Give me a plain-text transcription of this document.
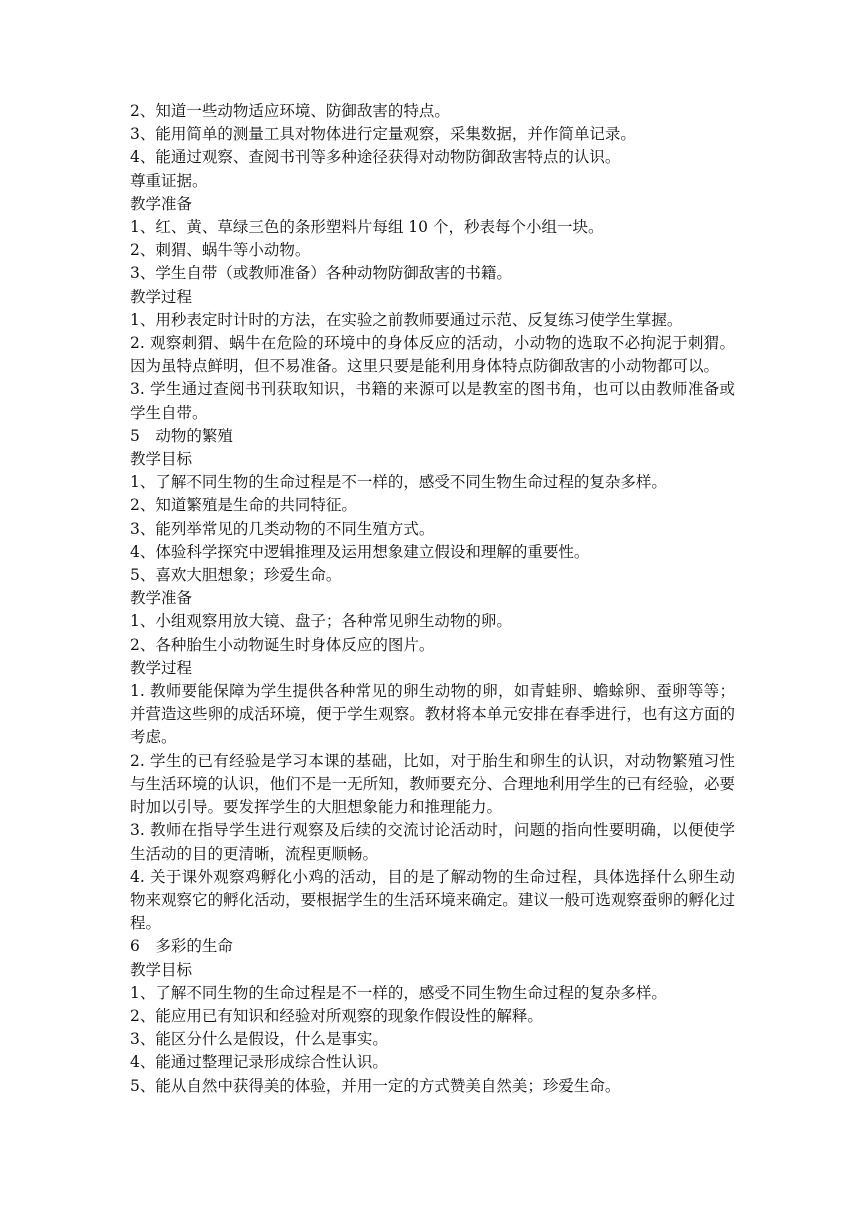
2、知道一些动物适应环境、防御敌害的特点。

3、能用简单的测量工具对物体进行定量观察，采集数据，并作简单记录。

4、能通过观察、查阅书刊等多种途径获得对动物防御敌害特点的认识。

尊重证据。

教学准备

1、红、黄、草绿三色的条形塑料片每组 10 个，秒表每个小组一块。

2、刺猬、蜗牛等小动物。

3、学生自带（或教师准备）各种动物防御敌害的书籍。

教学过程

1、用秒表定时计时的方法，在实验之前教师要通过示范、反复练习使学生掌握。

2. 观察刺猬、蜗牛在危险的环境中的身体反应的活动，小动物的选取不必拘泥于刺猬。因为虽特点鲜明，但不易准备。这里只要是能利用身体特点防御敌害的小动物都可以。

3. 学生通过查阅书刊获取知识，书籍的来源可以是教室的图书角，也可以由教师准备或学生自带。

5　动物的繁殖

教学目标

1、了解不同生物的生命过程是不一样的，感受不同生物生命过程的复杂多样。

2、知道繁殖是生命的共同特征。

3、能列举常见的几类动物的不同生殖方式。

4、体验科学探究中逻辑推理及运用想象建立假设和理解的重要性。

5、喜欢大胆想象；珍爱生命。

教学准备

1、小组观察用放大镜、盘子；各种常见卵生动物的卵。

2、各种胎生小动物诞生时身体反应的图片。

教学过程

1. 教师要能保障为学生提供各种常见的卵生动物的卵，如青蛙卵、蟾蜍卵、蚕卵等等；并营造这些卵的成活环境，便于学生观察。教材将本单元安排在春季进行，也有这方面的考虑。

2. 学生的已有经验是学习本课的基础，比如，对于胎生和卵生的认识，对动物繁殖习性与生活环境的认识，他们不是一无所知，教师要充分、合理地利用学生的已有经验，必要时加以引导。要发挥学生的大胆想象能力和推理能力。

3. 教师在指导学生进行观察及后续的交流讨论活动时，问题的指向性要明确，以便使学生活动的目的更清晰，流程更顺畅。

4. 关于课外观察鸡孵化小鸡的活动，目的是了解动物的生命过程，具体选择什么卵生动物来观察它的孵化活动，要根据学生的生活环境来确定。建议一般可选观察蚕卵的孵化过程。

6　多彩的生命

教学目标

1、了解不同生物的生命过程是不一样的，感受不同生物生命过程的复杂多样。

2、能应用已有知识和经验对所观察的现象作假设性的解释。

3、能区分什么是假设，什么是事实。

4、能通过整理记录形成综合性认识。

5、能从自然中获得美的体验，并用一定的方式赞美自然美；珍爱生命。
